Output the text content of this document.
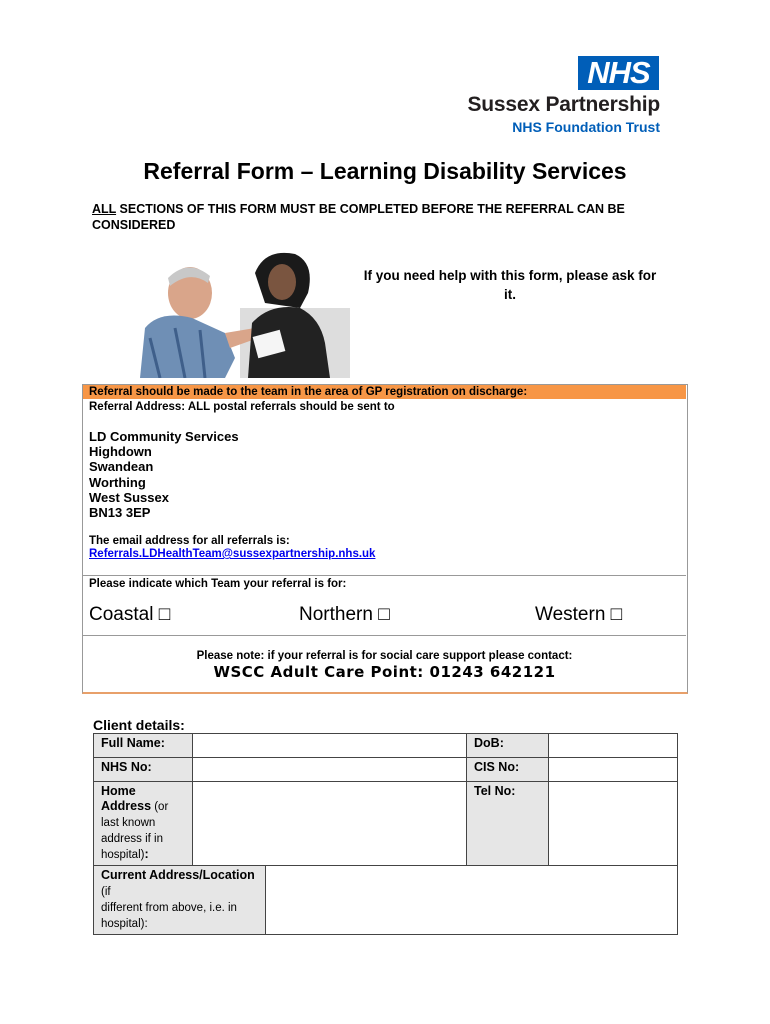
NHS
Sussex Partnership
NHS Foundation Trust
Referral Form – Learning Disability Services
ALL SECTIONS OF THIS FORM MUST BE COMPLETED BEFORE THE REFERRAL CAN BE CONSIDERED
If you need help with this form, please ask for it.
Referral should be made to the team in the area of GP registration on discharge:
Referral Address: ALL postal referrals should be sent to
LD Community Services
Highdown
Swandean
Worthing
West Sussex
BN13 3EP
The email address for all referrals is:
Referrals.LDHealthTeam@sussexpartnership.nhs.uk
Please indicate which Team your referral is for:
Coastal □	Northern □	Western □
Please note: if your referral is for social care support please contact:
WSCC Adult Care Point: 01243 642121
Client details:
Full Name:			DoB:	
NHS No:			CIS No:	
Home Address (or
last known address if in hospital):			Tel No:	
Current Address/Location (if
different from above, i.e. in hospital):				
